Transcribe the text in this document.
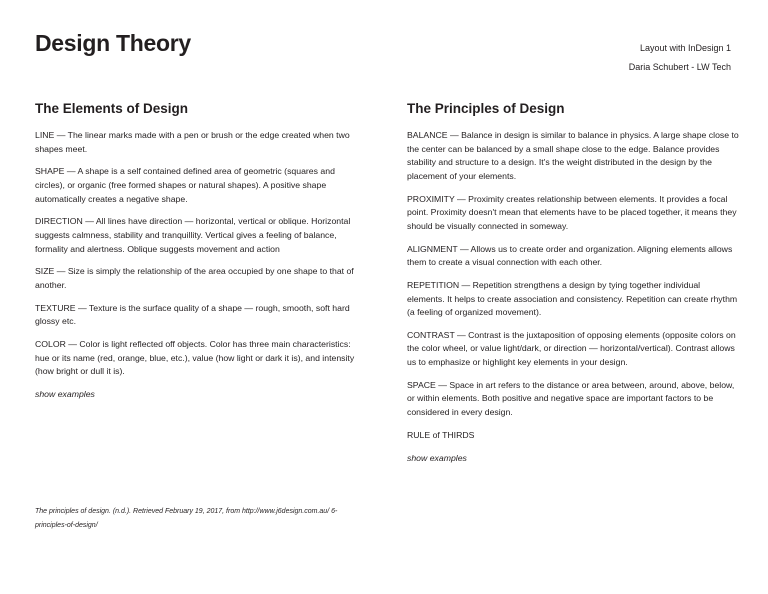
Design Theory	Layout with InDesign 1
Daria Schubert - LW Tech
The Elements of Design

LINE — The linear marks made with a pen or brush or the edge created when two shapes meet.

SHAPE — A shape is a self contained defined area of geometric (squares and circles), or organic (free formed shapes or natural shapes). A positive shape automatically creates a negative shape.

DIRECTION — All lines have direction — horizontal, vertical or oblique. Horizontal suggests calmness, stability and tranquillity. Vertical gives a feeling of balance, formality and alertness. Oblique suggests movement and action

SIZE — Size is simply the relationship of the area occupied by one shape to that of another.

TEXTURE — Texture is the surface quality of a shape — rough, smooth, soft hard glossy etc.

COLOR — Color is light reflected off objects. Color has three main characteristics: hue or its name (red, orange, blue, etc.), value (how light or dark it is), and intensity (how bright or dull it is).

show examples

The Principles of Design

BALANCE — Balance in design is similar to balance in physics. A large shape close to the center can be balanced by a small shape close to the edge. Balance provides stability and structure to a design. It's the weight distributed in the design by the placement of your elements.

PROXIMITY — Proximity creates relationship between elements. It provides a focal point. Proximity doesn't mean that elements have to be placed together, it means they should be visually connected in someway.

ALIGNMENT — Allows us to create order and organization. Aligning elements allows them to create a visual connection with each other.

REPETITION — Repetition strengthens a design by tying together individual elements. It helps to create association and consistency. Repetition can create rhythm (a feeling of organized movement).

CONTRAST — Contrast is the juxtaposition of opposing elements (opposite colors on the color wheel, or value light/dark, or direction — horizontal/vertical). Contrast allows us to emphasize or highlight key elements in your design.

SPACE — Space in art refers to the distance or area between, around, above, below, or within elements. Both positive and negative space are important factors to be considered in every design.

RULE of THIRDS

show examples

The principles of design. (n.d.). Retrieved February 19, 2017, from http://www.j6design.com.au/ 6-principles-of-design/
